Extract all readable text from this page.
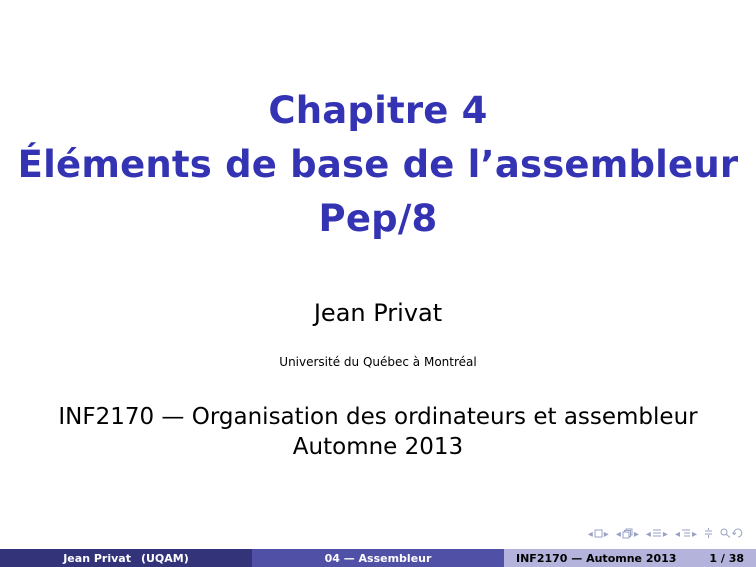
Chapitre 4
Éléments de base de l’assembleur
Pep/8
Jean Privat
Université du Québec à Montréal
INF2170 — Organisation des ordinateurs et assembleur
Automne 2013
◂ ▸ ◂ ▸ ◂ ▸ ◂ ▸
Jean Privat (UQAM)	04 — Assembleur	INF2170 — Automne 2013	1 / 38
